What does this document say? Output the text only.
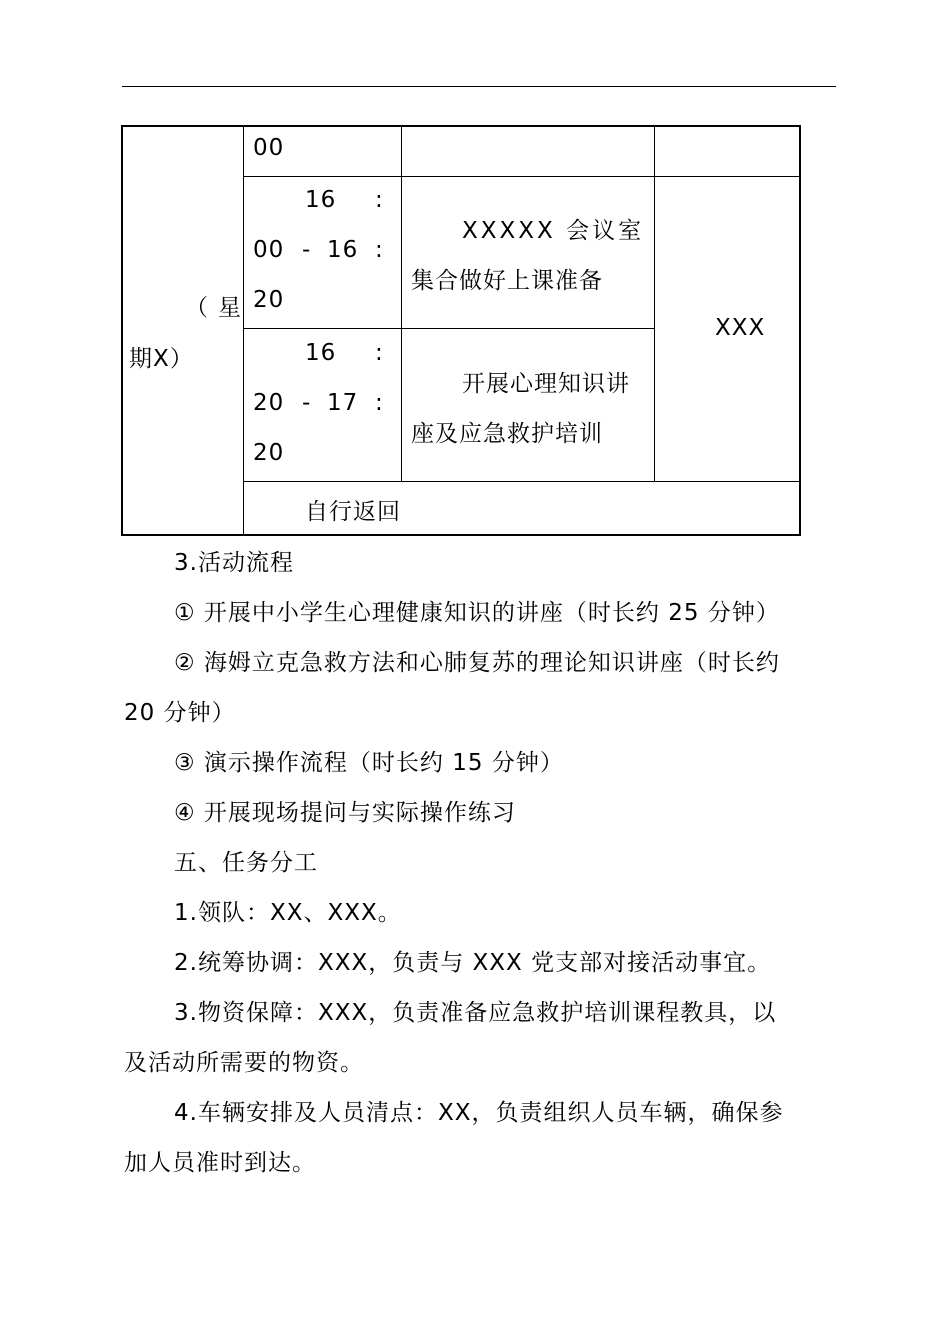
（星
期X）
00
16 :
00 - 16 :
20
XXXXX 会议室
集合做好上课准备
16 :
20 - 17 :
20
开展心理知识讲
座及应急救护培训
XXX
自行返回
3.活动流程
① 开展中小学生心理健康知识的讲座（时长约 25 分钟）
② 海姆立克急救方法和心肺复苏的理论知识讲座（时长约
20 分钟）
③ 演示操作流程（时长约 15 分钟）
④ 开展现场提问与实际操作练习
五、任务分工
1.领队：XX、XXX。
2.统筹协调：XXX，负责与 XXX 党支部对接活动事宜。
3.物资保障：XXX，负责准备应急救护培训课程教具，以
及活动所需要的物资。
4.车辆安排及人员清点：XX，负责组织人员车辆，确保参
加人员准时到达。
